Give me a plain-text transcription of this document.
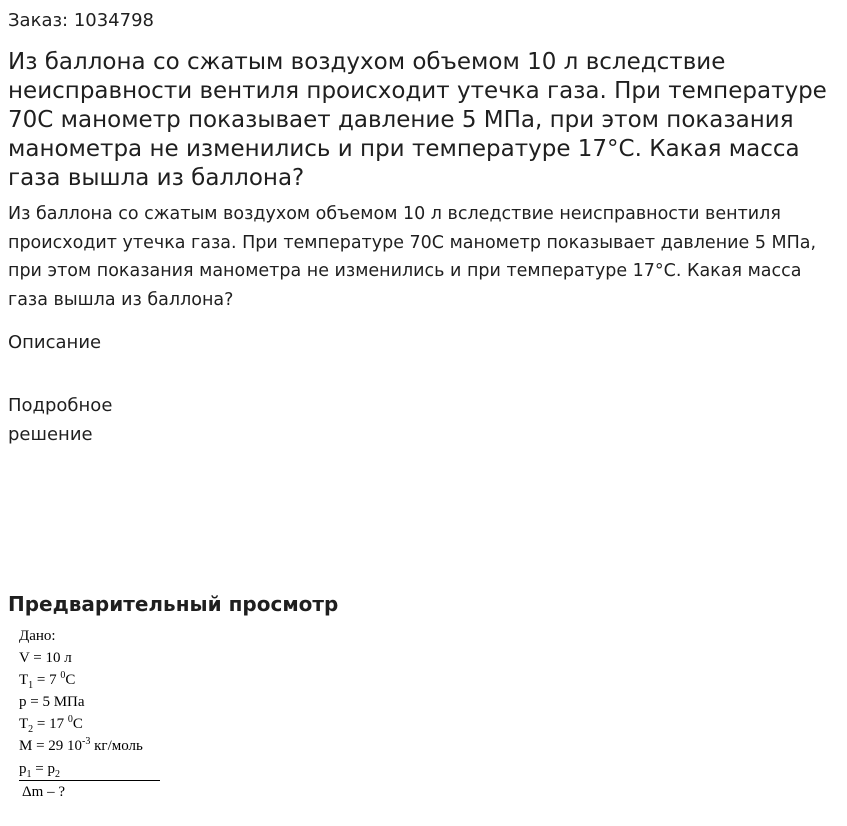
Заказ: 1034798
Из баллона со сжатым воздухом объемом 10 л вследствие неисправности вентиля происходит утечка газа. При температуре 70С манометр показывает давление 5 МПа, при этом показания манометра не изменились и при температуре 17°С. Какая масса газа вышла из баллона?

Из баллона со сжатым воздухом объемом 10 л вследствие неисправности вентиля происходит утечка газа. При температуре 70С манометр показывает давление 5 МПа, при этом показания манометра не изменились и при температуре 17°С. Какая масса газа вышла из баллона?

Описание
Подробное решение
Предварительный просмотр
Дано:
V = 10 л
$T_1 = 7$ $^0$C
р = 5 МПа
$T_2 = 17$ $^0$C
M = 29 $10^{-3}$ кг/моль
$p_1 = p_2$
Δm – ?
